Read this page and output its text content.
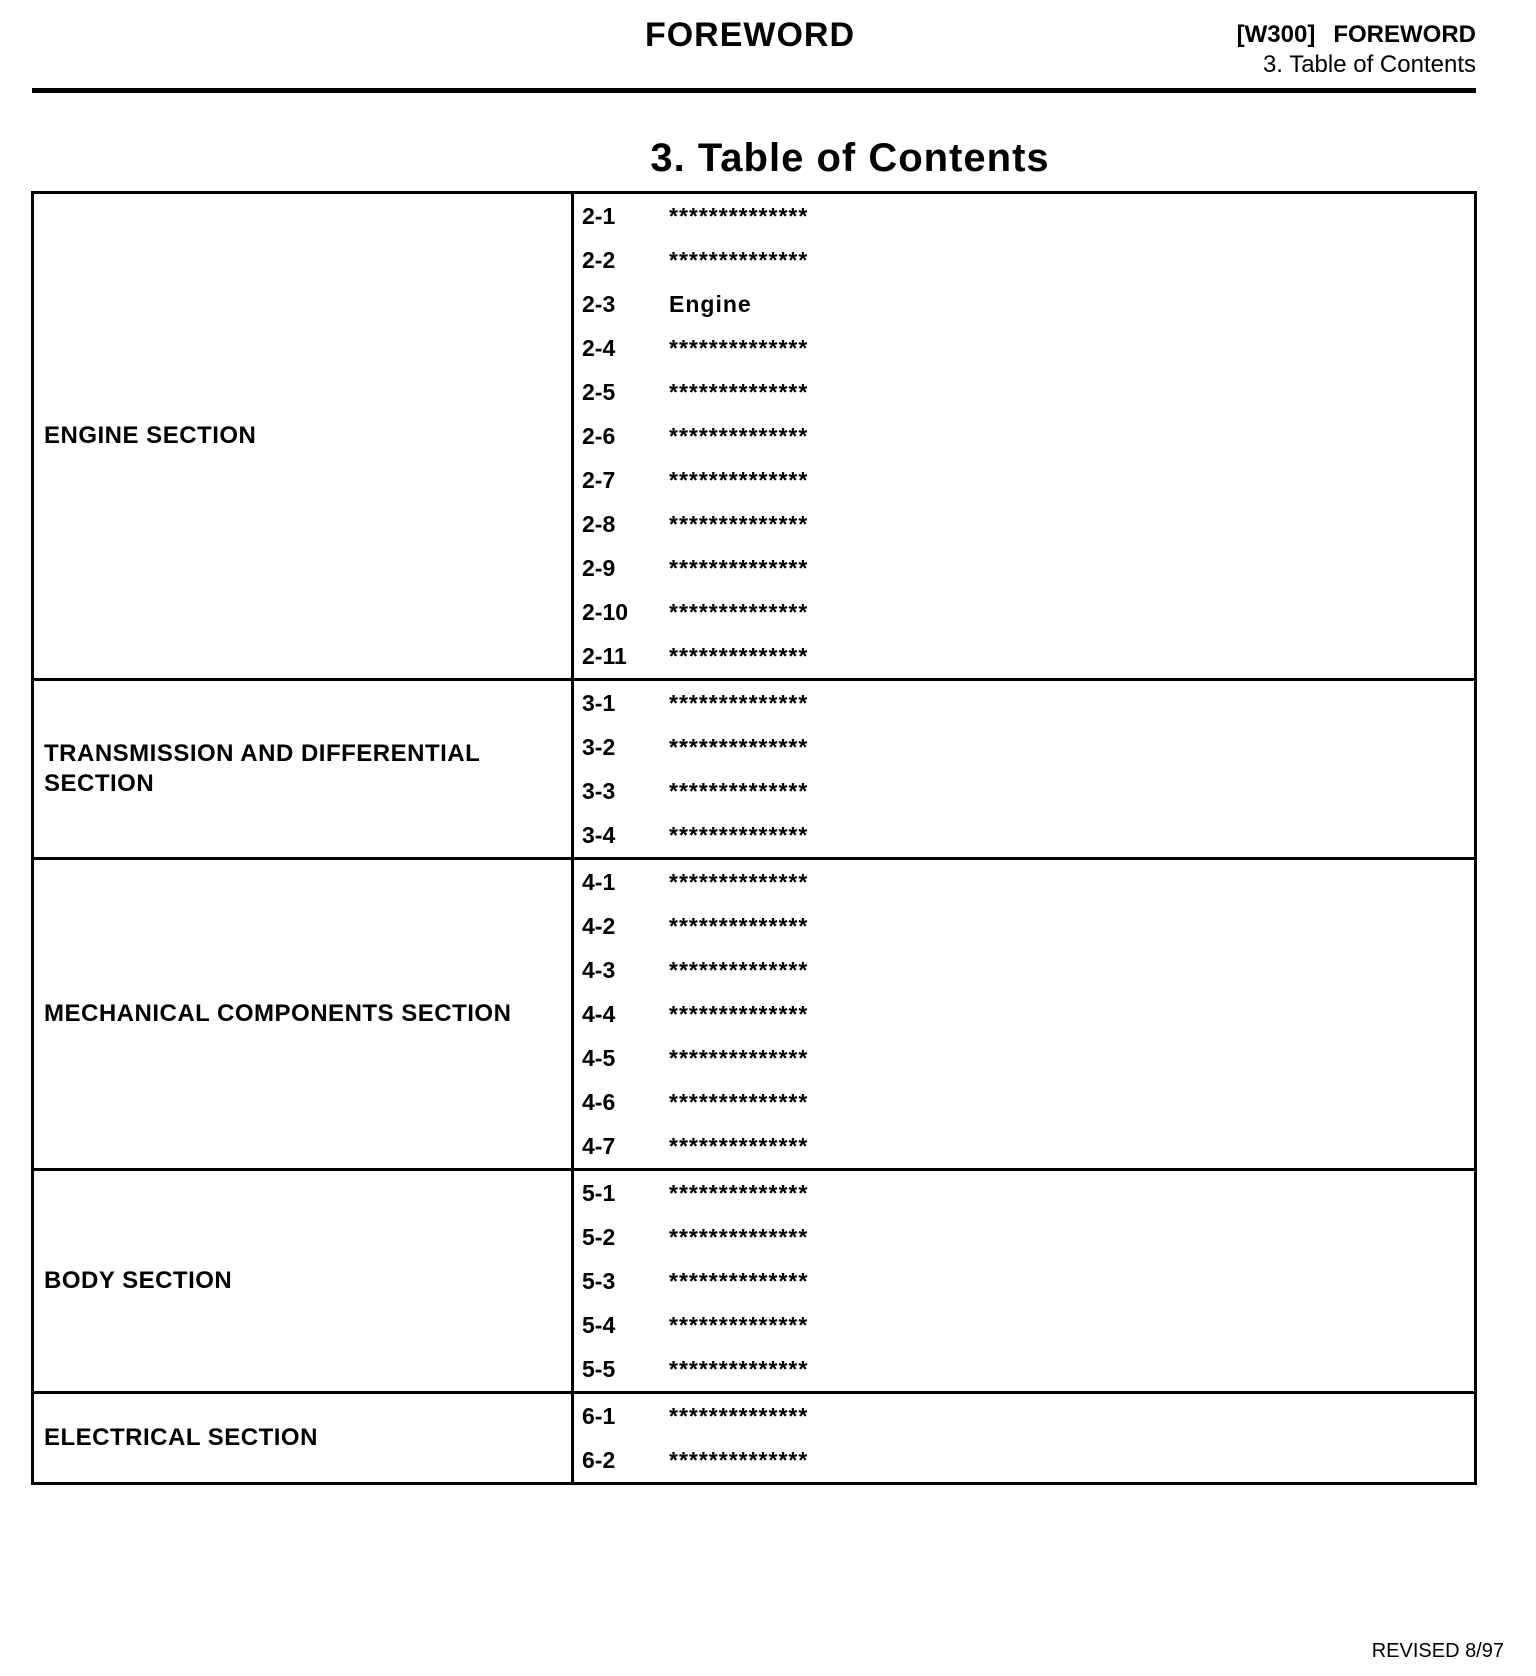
FOREWORD	[W300] FOREWORD
3. Table of Contents
3. Table of Contents
ENGINE SECTION
2-1	**************
2-2	**************
2-3	Engine
2-4	**************
2-5	**************
2-6	**************
2-7	**************
2-8	**************
2-9	**************
2-10	**************
2-11	**************
TRANSMISSION AND DIFFERENTIAL SECTION
3-1	**************
3-2	**************
3-3	**************
3-4	**************
MECHANICAL COMPONENTS SECTION
4-1	**************
4-2	**************
4-3	**************
4-4	**************
4-5	**************
4-6	**************
4-7	**************
BODY SECTION
5-1	**************
5-2	**************
5-3	**************
5-4	**************
5-5	**************
ELECTRICAL SECTION
6-1	**************
6-2	**************
REVISED 8/97
